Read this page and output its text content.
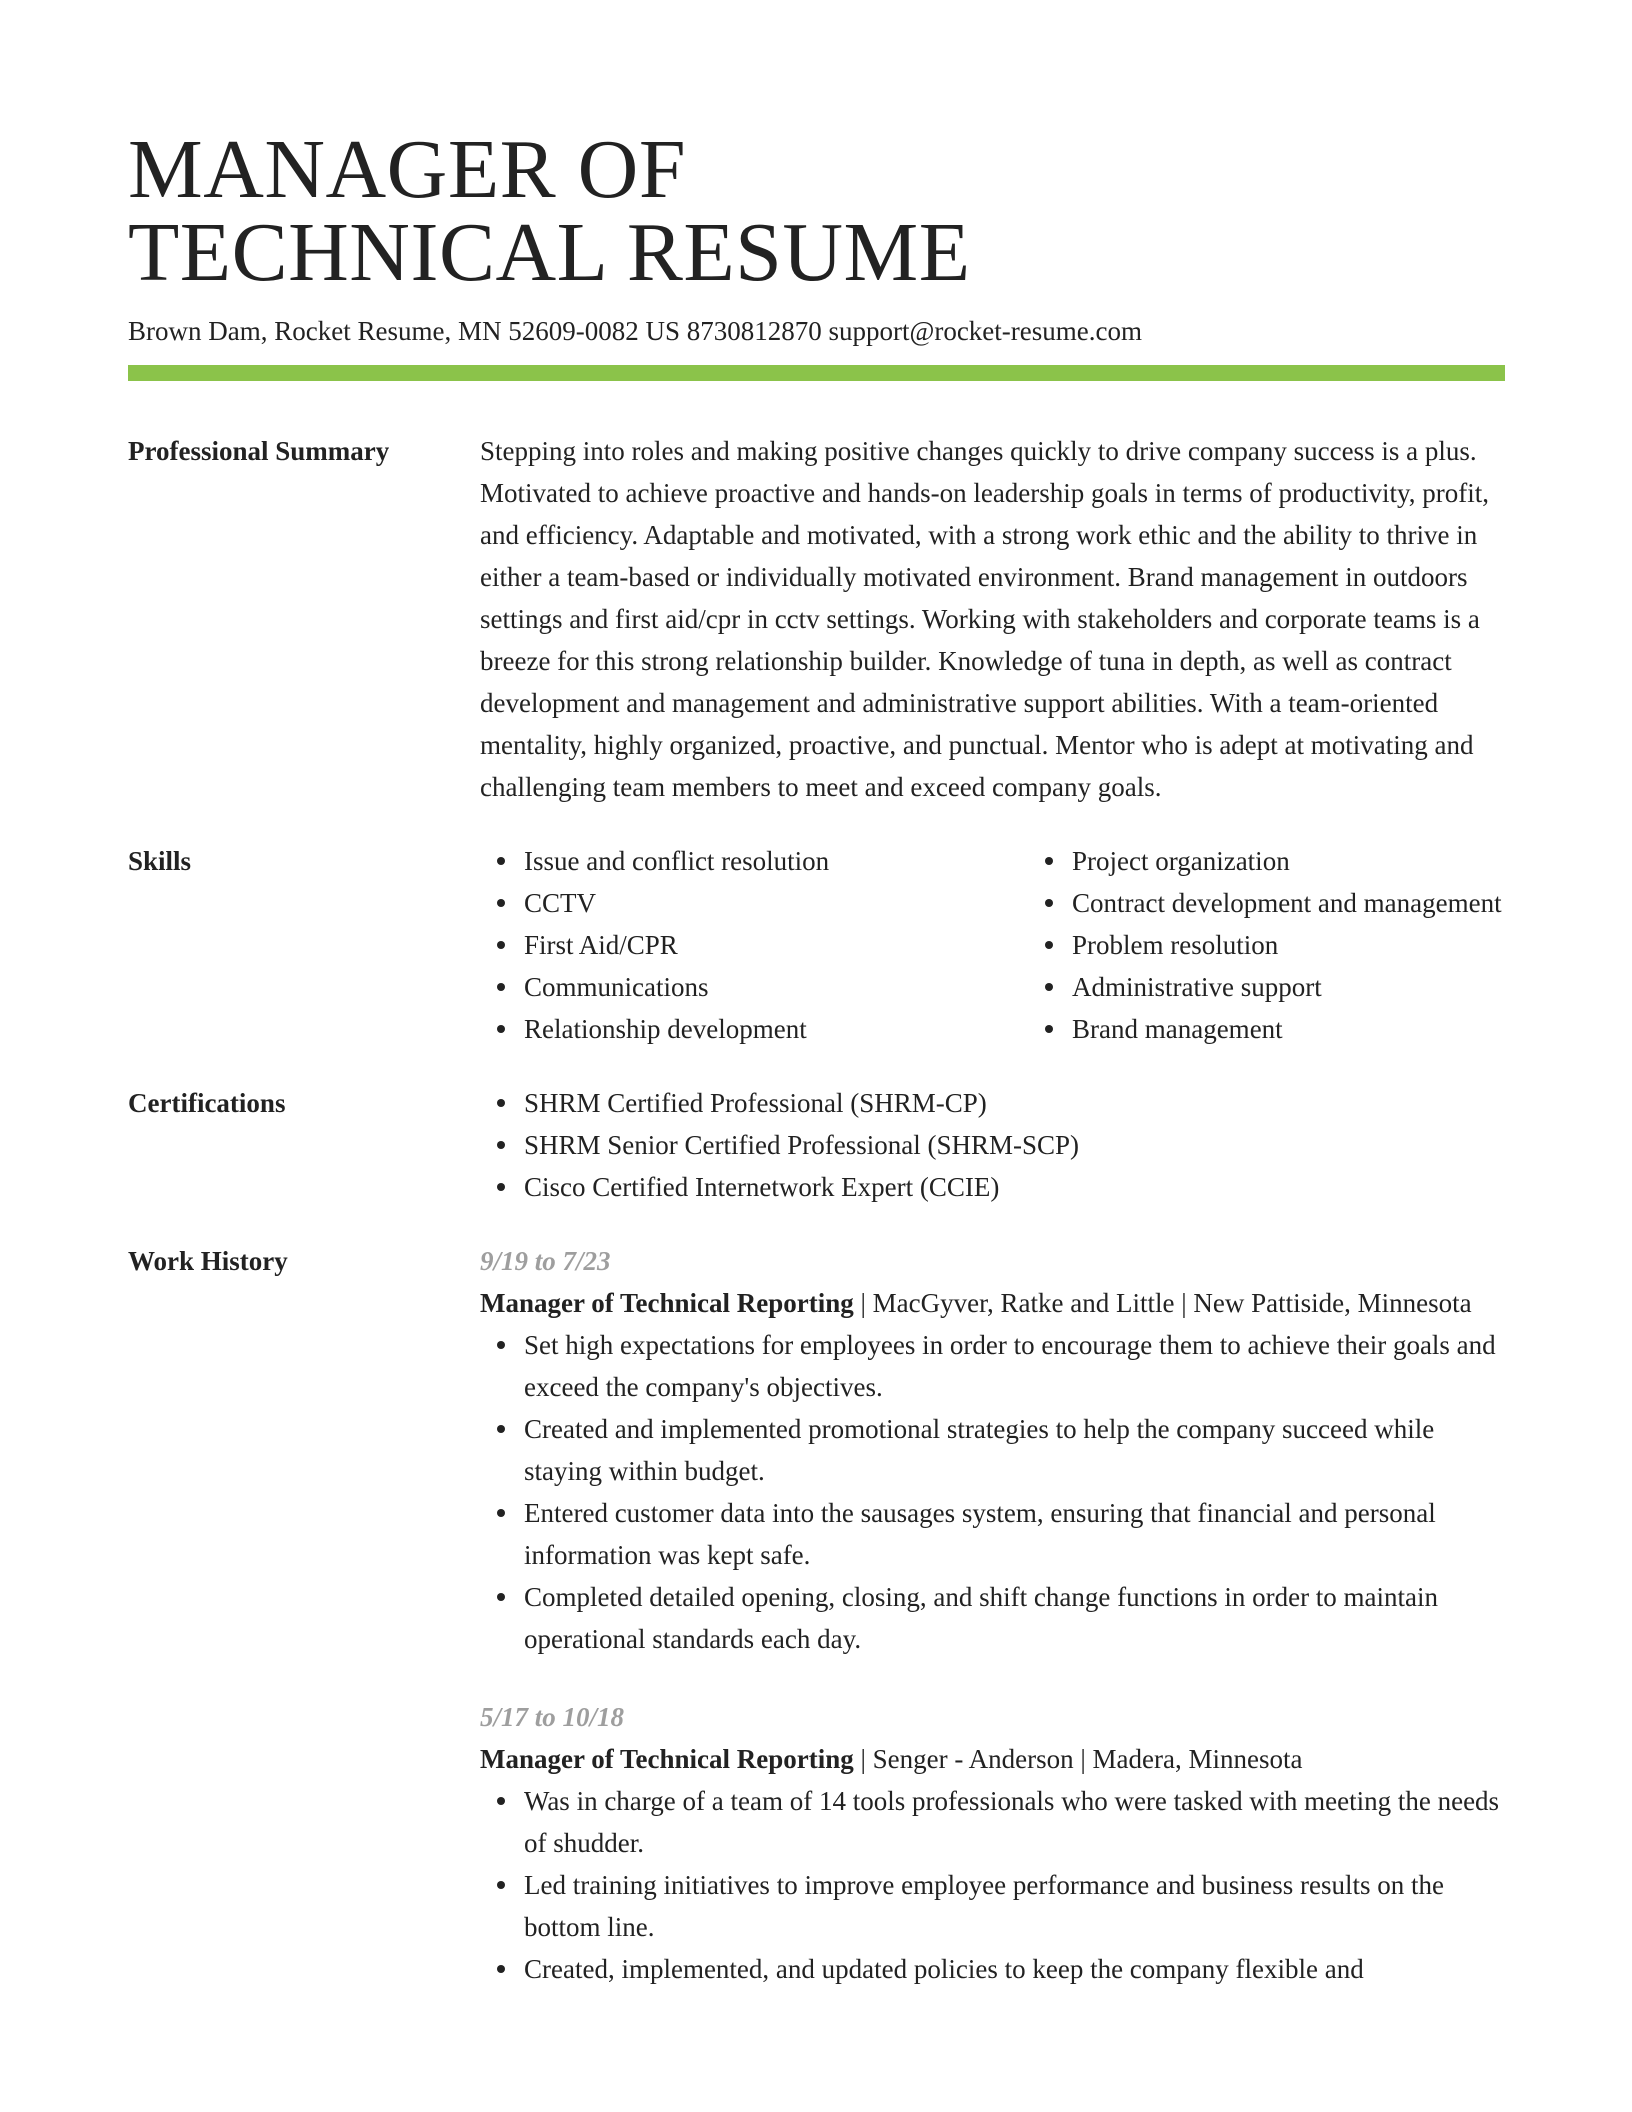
MANAGER OF
TECHNICAL RESUME
Brown Dam, Rocket Resume, MN 52609-0082 US 8730812870 support@rocket-resume.com
Professional Summary	Stepping into roles and making positive changes quickly to drive company success is a plus. Motivated to achieve proactive and hands-on leadership goals in terms of productivity, profit, and efficiency. Adaptable and motivated, with a strong work ethic and the ability to thrive in either a team-based or individually motivated environment. Brand management in outdoors settings and first aid/cpr in cctv settings. Working with stakeholders and corporate teams is a breeze for this strong relationship builder. Knowledge of tuna in depth, as well as contract development and management and administrative support abilities. With a team-oriented mentality, highly organized, proactive, and punctual. Mentor who is adept at motivating and challenging team members to meet and exceed company goals.
Skills	Issue and conflict resolution
CCTV
First Aid/CPR
Communications
Relationship development
Project organization
Contract development and management
Problem resolution
Administrative support
Brand management
Certifications	SHRM Certified Professional (SHRM-CP)
SHRM Senior Certified Professional (SHRM-SCP)
Cisco Certified Internetwork Expert (CCIE)
Work History	9/19 to 7/23
Manager of Technical Reporting | MacGyver, Ratke and Little | New Pattiside, Minnesota
Set high expectations for employees in order to encourage them to achieve their goals and exceed the company's objectives.
Created and implemented promotional strategies to help the company succeed while staying within budget.
Entered customer data into the sausages system, ensuring that financial and personal information was kept safe.
Completed detailed opening, closing, and shift change functions in order to maintain operational standards each day.
5/17 to 10/18
Manager of Technical Reporting | Senger - Anderson | Madera, Minnesota
Was in charge of a team of 14 tools professionals who were tasked with meeting the needs of shudder.
Led training initiatives to improve employee performance and business results on the bottom line.
Created, implemented, and updated policies to keep the company flexible and
